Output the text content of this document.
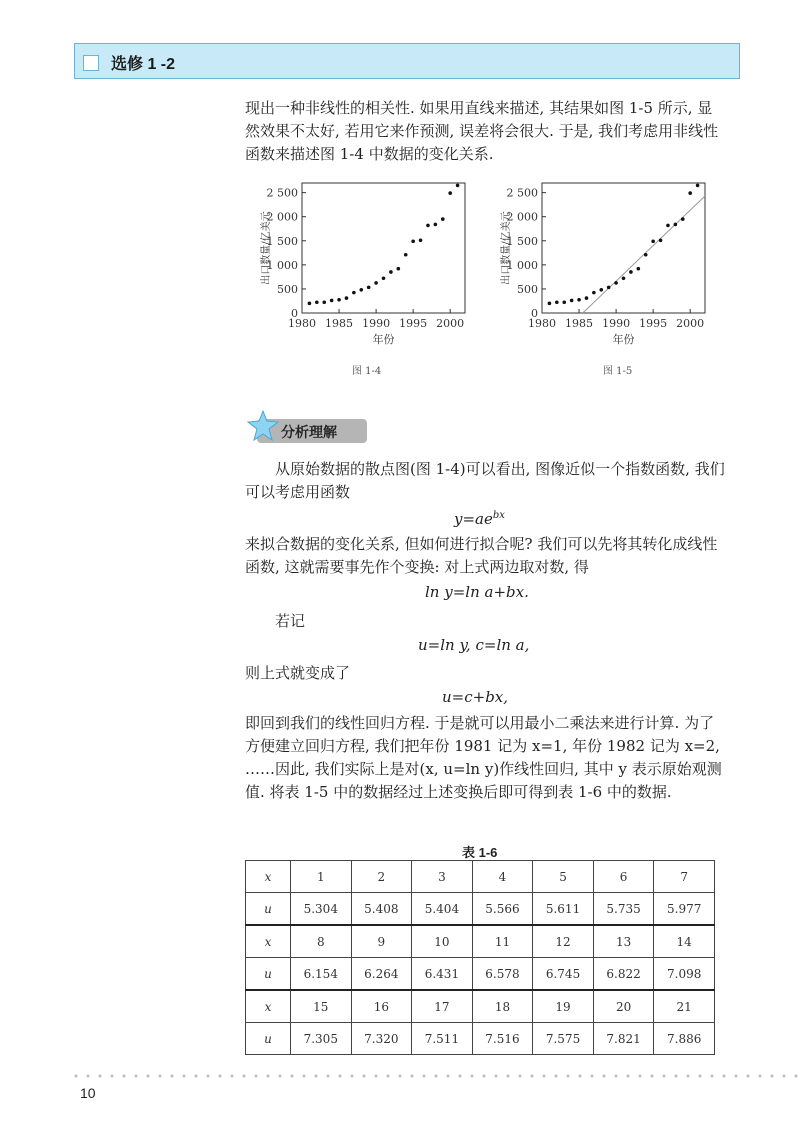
选修 1 -2
现出一种非线性的相关性. 如果用直线来描述, 其结果如图 1-5 所示, 显然效果不太好, 若用它来作预测, 误差将会很大. 于是, 我们考虑用非线性函数来描述图 1-4 中数据的变化关系.
0
500
1 000
1 500
2 000
2 500
1980 1985 1990 1995 2000
年份
出口数量/亿美元
0
500
1 000
1 500
2 000
2 500
1980 1985 1990 1995 2000
年份
出口数量/亿美元
图 1-4	图 1-5
分析理解
从原始数据的散点图(图 1-4)可以看出, 图像近似一个指数函数, 我们可以考虑用函数
$y=ae^{bx}$
来拟合数据的变化关系, 但如何进行拟合呢? 我们可以先将其转化成线性函数, 这就需要事先作个变换: 对上式两边取对数, 得
ln y=ln a+bx.
若记
u=ln y, c=ln a,
则上式就变成了
u=c+bx,
即回到我们的线性回归方程. 于是就可以用最小二乘法来进行计算. 为了方便建立回归方程, 我们把年份 1981 记为 x=1, 年份 1982 记为 x=2, ……因此, 我们实际上是对(x, u=ln y)作线性回归, 其中 y 表示原始观测值. 将表 1-5 中的数据经过上述变换后即可得到表 1-6 中的数据.
表 1-6
x	1	2	3	4	5	6	7
u	5.304	5.408	5.404	5.566	5.611	5.735	5.977
x	8	9	10	11	12	13	14
u	6.154	6.264	6.431	6.578	6.745	6.822	7.098
x	15	16	17	18	19	20	21
u	7.305	7.320	7.511	7.516	7.575	7.821	7.886
10
